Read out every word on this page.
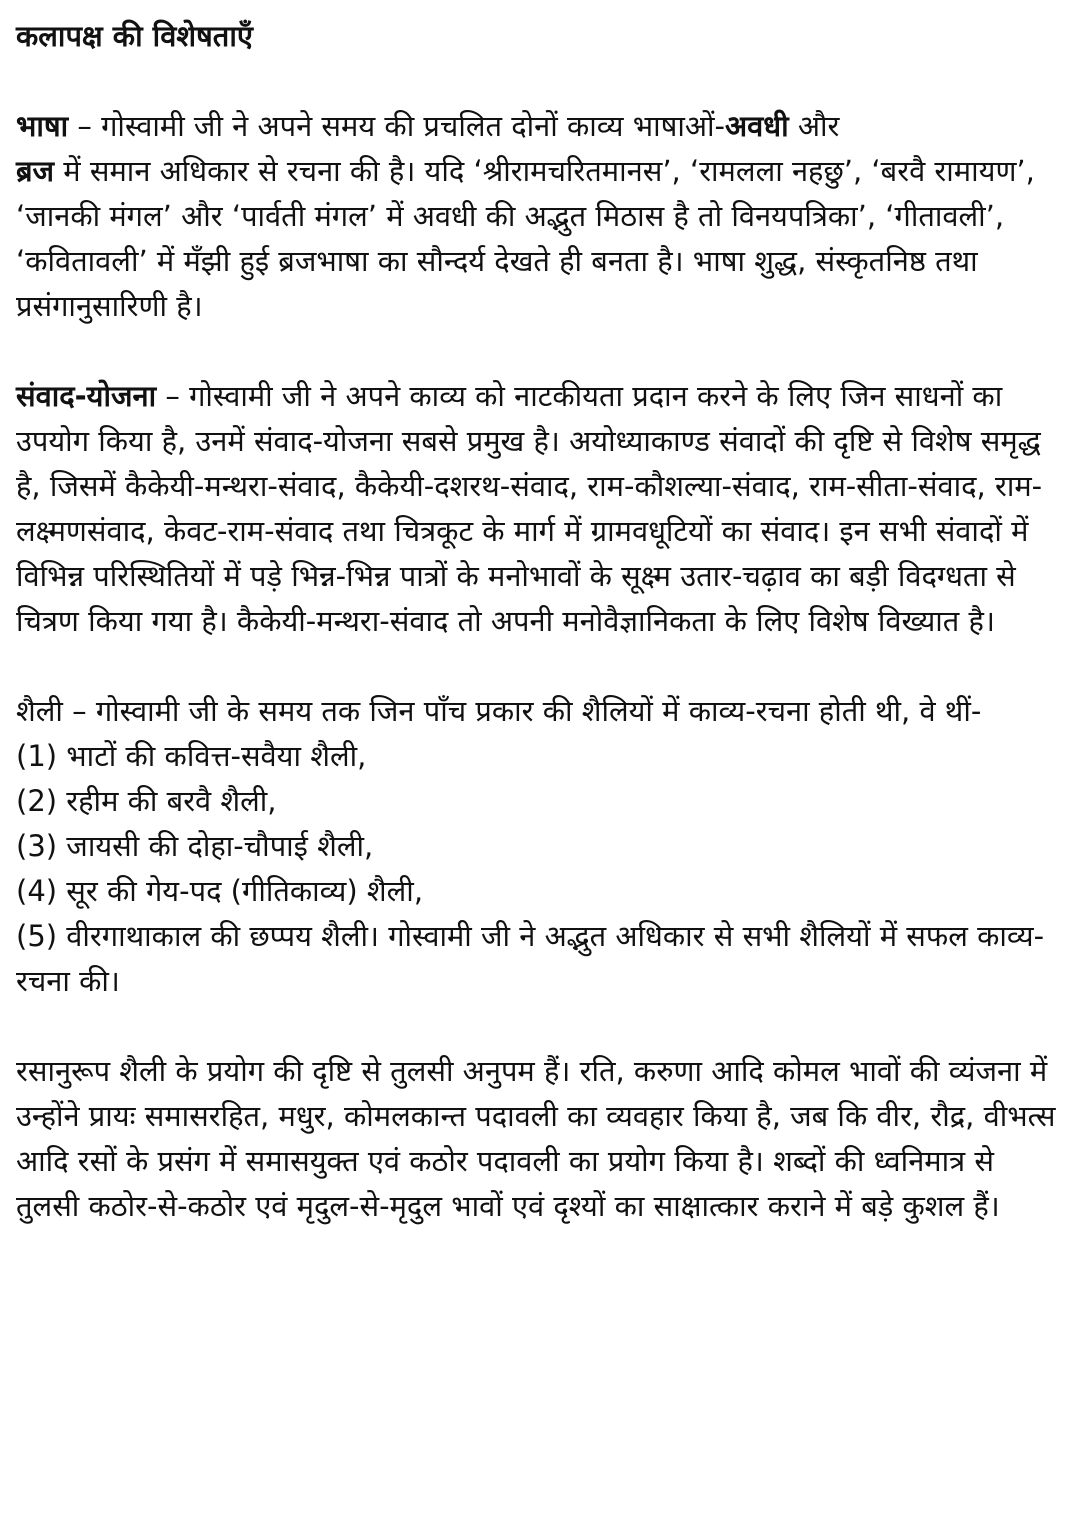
कलापक्ष की विशेषताएँ

भाषा – गोस्वामी जी ने अपने समय की प्रचलित दोनों काव्य भाषाओं-अवधी और
ब्रज में समान अधिकार से रचना की है। यदि ‘श्रीरामचरितमानस’, ‘रामलला नहछु’, ‘बरवै रामायण’, ‘जानकी मंगल’ और ‘पार्वती मंगल’ में अवधी की अद्भुत मिठास है तो विनयपत्रिका’, ‘गीतावली’, ‘कवितावली’ में मँझी हुई ब्रजभाषा का सौन्दर्य देखते ही बनता है। भाषा शुद्ध, संस्कृतनिष्ठ तथा प्रसंगानुसारिणी है।

संवाद-योजना – गोस्वामी जी ने अपने काव्य को नाटकीयता प्रदान करने के लिए जिन साधनों का उपयोग किया है, उनमें संवाद-योजना सबसे प्रमुख है। अयोध्याकाण्ड संवादों की दृष्टि से विशेष समृद्ध है, जिसमें कैकेयी-मन्थरा-संवाद, कैकेयी-दशरथ-संवाद, राम-कौशल्या-संवाद, राम-सीता-संवाद, राम-लक्ष्मणसंवाद, केवट-राम-संवाद तथा चित्रकूट के मार्ग में ग्रामवधूटियों का संवाद। इन सभी संवादों में विभिन्न परिस्थितियों में पड़े भिन्न-भिन्न पात्रों के मनोभावों के सूक्ष्म उतार-चढ़ाव का बड़ी विदग्धता से चित्रण किया गया है। कैकेयी-मन्थरा-संवाद तो अपनी मनोवैज्ञानिकता के लिए विशेष विख्यात है।

शैली – गोस्वामी जी के समय तक जिन पाँच प्रकार की शैलियों में काव्य-रचना होती थी, वे थीं-
(1) भाटों की कवित्त-सवैया शैली,
(2) रहीम की बरवै शैली,
(3) जायसी की दोहा-चौपाई शैली,
(4) सूर की गेय-पद (गीतिकाव्य) शैली,
(5) वीरगाथाकाल की छप्पय शैली। गोस्वामी जी ने अद्भुत अधिकार से सभी शैलियों में सफल काव्य-रचना की।

रसानुरूप शैली के प्रयोग की दृष्टि से तुलसी अनुपम हैं। रति, करुणा आदि कोमल भावों की व्यंजना में उन्होंने प्रायः समासरहित, मधुर, कोमलकान्त पदावली का व्यवहार किया है, जब कि वीर, रौद्र, वीभत्स आदि रसों के प्रसंग में समासयुक्त एवं कठोर पदावली का प्रयोग किया है। शब्दों की ध्वनिमात्र से तुलसी कठोर-से-कठोर एवं मृदुल-से-मृदुल भावों एवं दृश्यों का साक्षात्कार कराने में बड़े कुशल हैं।
